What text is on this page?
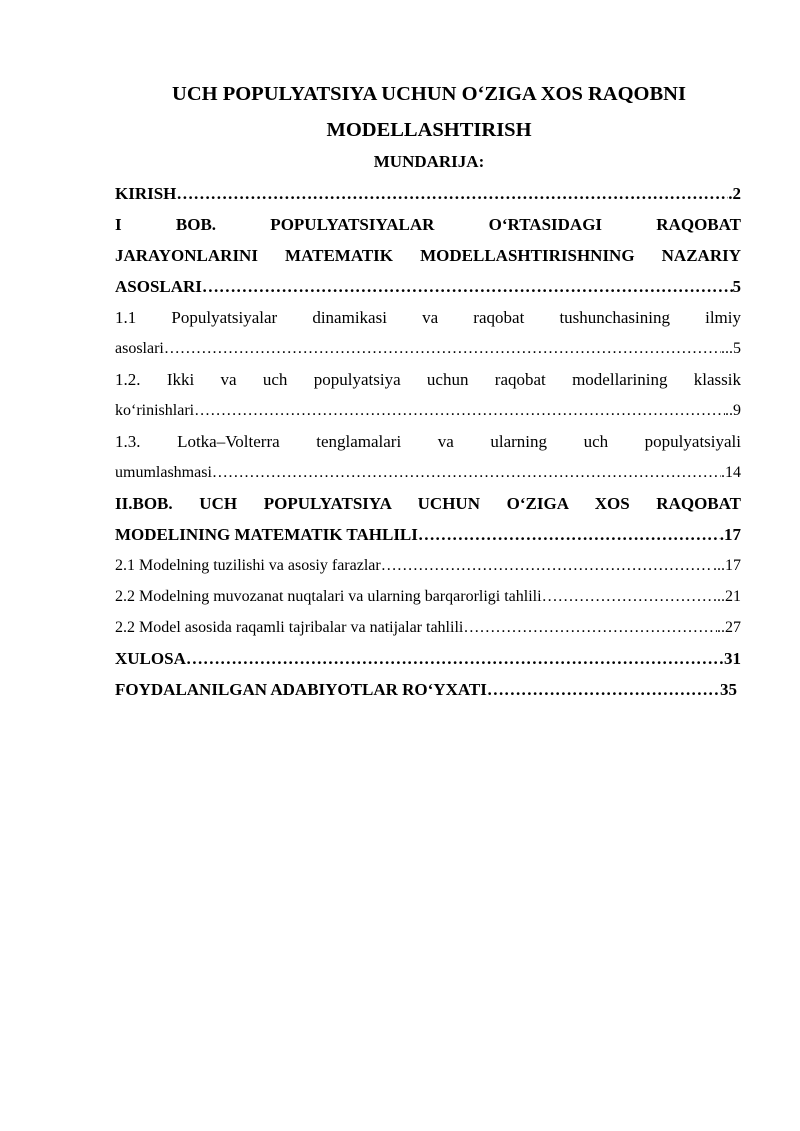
UCH POPULYATSIYA UCHUN O‘ZIGA XOS RAQOBNI
MODELLASHTIRISH
MUNDARIJA:
KIRISH …………………………………………………………………………………………………………………………………………………………	.2
I BOB. POPULYATSIYALAR O‘RTASIDAGI RAQOBAT
JARAYONLARINI MATEMATIK MODELLASHTIRISHNING NAZARIY
ASOSLARI …………………………………………………………………………………………………………………………………………………………	5
1.1 Populyatsiyalar dinamikasi va raqobat tushunchasining ilmiy
asoslari …………………………………………………………………………………………………………………………………………………………	...5
1.2. Ikki va uch populyatsiya uchun raqobat modellarining klassik
ko‘rinishlari …………………………………………………………………………………………………………………………………………………………	..9
1.3. Lotka–Volterra tenglamalari va ularning uch populyatsiyali
umumlashmasi …………………………………………………………………………………………………………………………………………………………	.14
II.BOB. UCH POPULYATSIYA UCHUN O‘ZIGA XOS RAQOBAT
MODELINING MATEMATIK TAHLILI …………………………………………………………………………………………………………………………………………………………	.17
2.1 Modelning tuzilishi va asosiy farazlar …………………………………………………………………………………………………………………………………………………………	...17
2.2 Modelning muvozanat nuqtalari va ularning barqarorligi tahlili …………………………………………………………………………………………………………………………………………………………	..21
2.2 Model asosida raqamli tajribalar va natijalar tahlili …………………………………………………………………………………………………………………………………………………………	..27
XULOSA …………………………………………………………………………………………………………………………………………………………	31
FOYDALANILGAN ADABIYOTLAR RO‘YXATI …………………………………………………………………………………………………………………………………………………………	35
